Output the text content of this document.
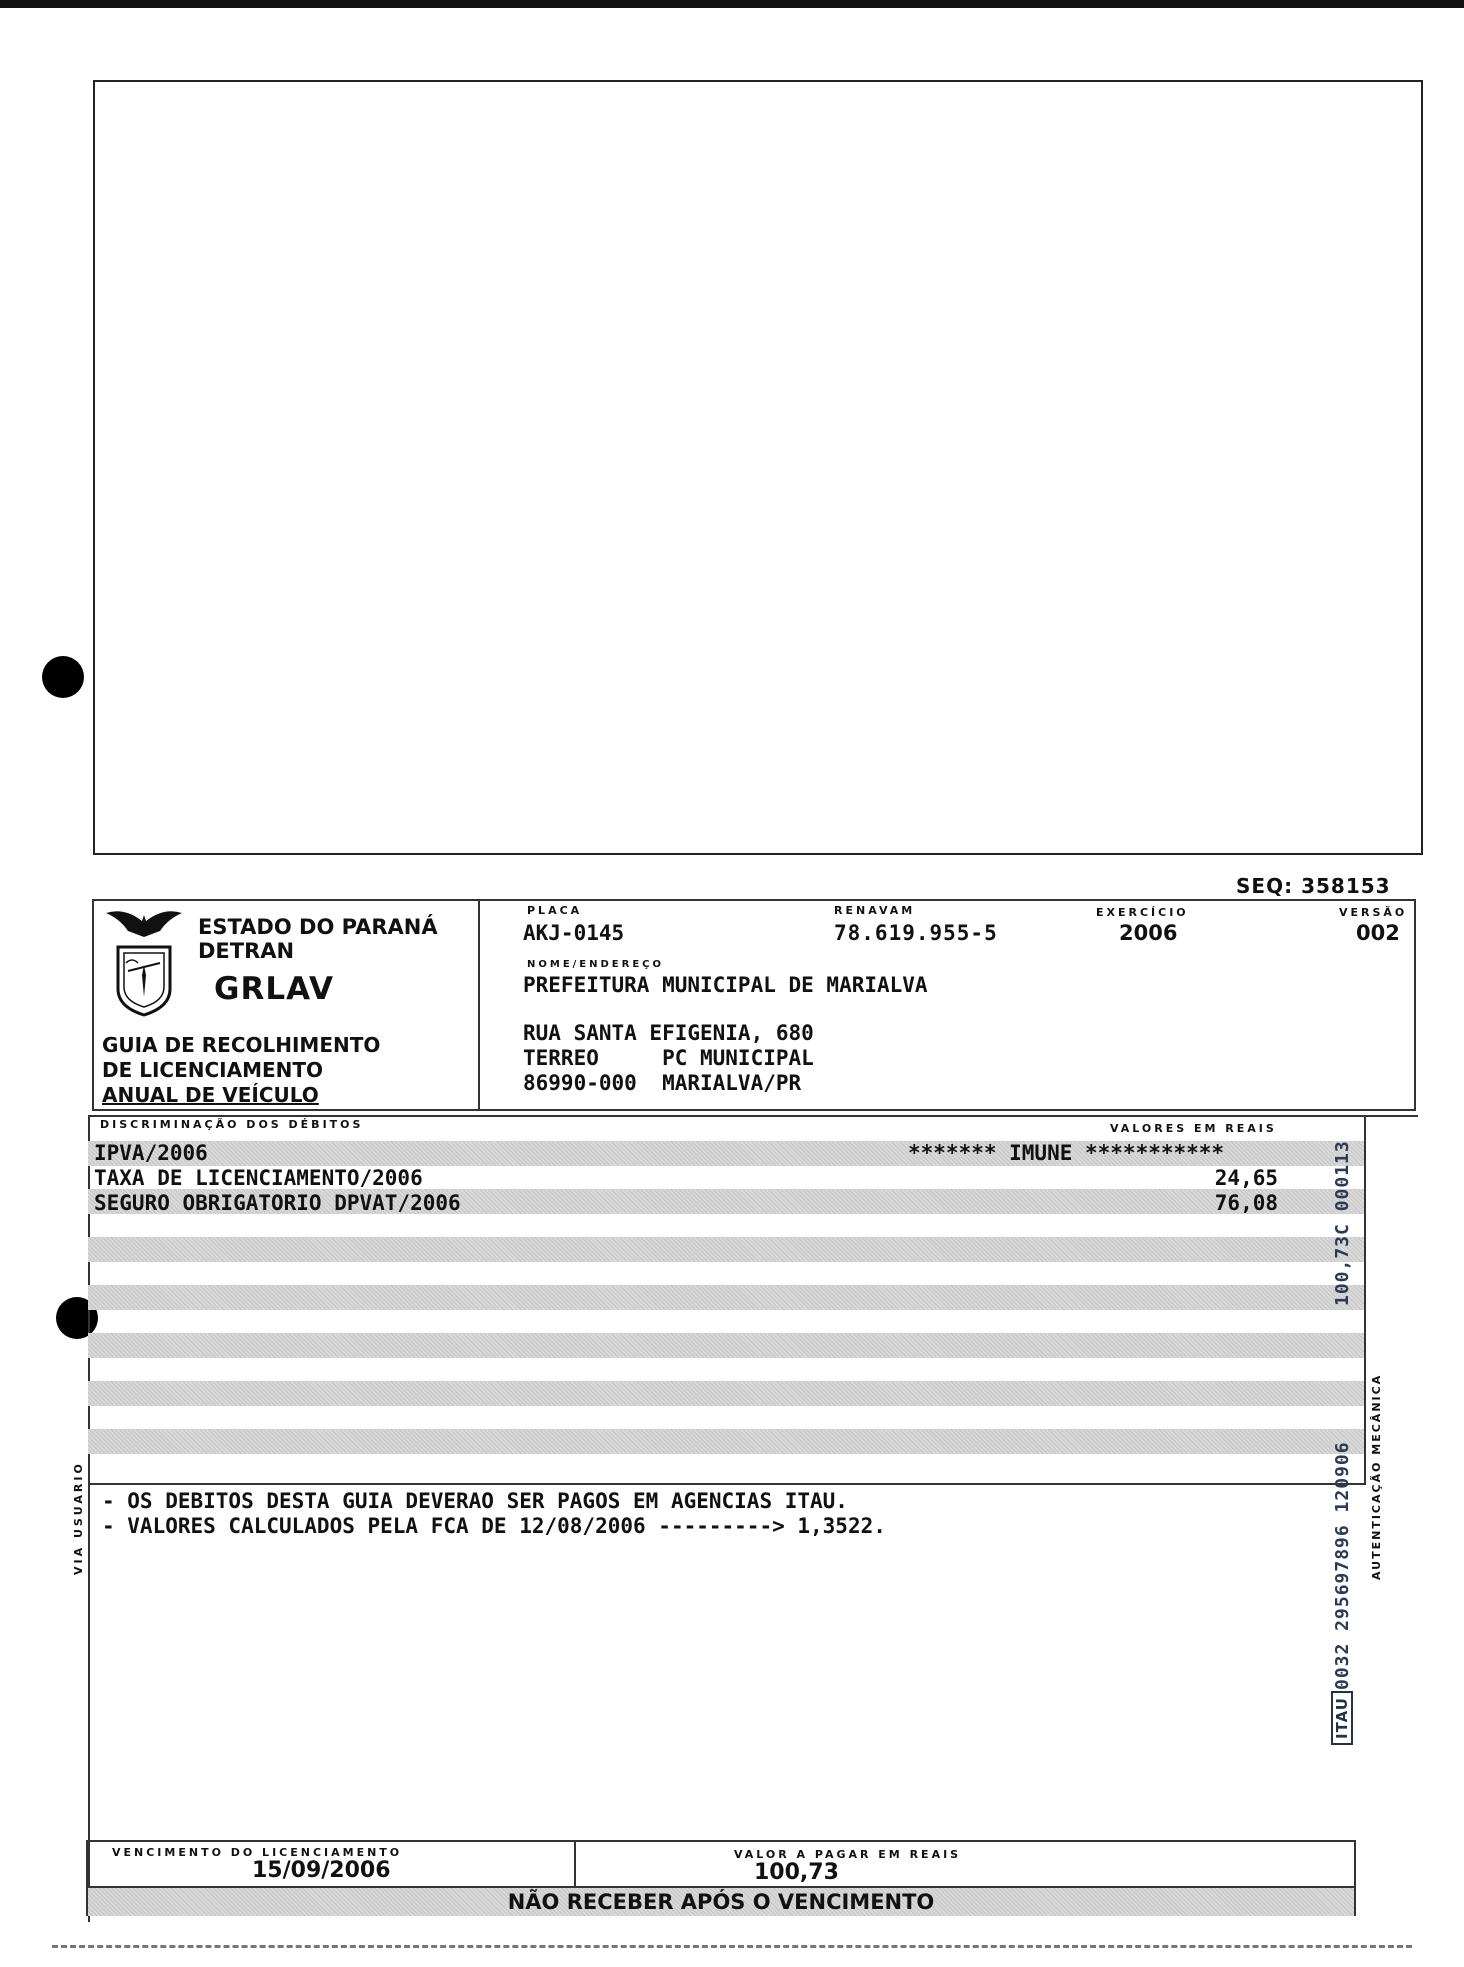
SEQ: 358153
ESTADO DO PARANÁ
DETRAN
GRLAV
GUIA DE RECOLHIMENTO
DE LICENCIAMENTO
ANUAL DE VEÍCULO
PLACA
AKJ-0145
RENAVAM
78.619.955-5
EXERCÍCIO
2006
VERSÃO
002
NOME/ENDEREÇO
PREFEITURA MUNICIPAL DE MARIALVA
RUA SANTA EFIGENIA, 680
TERREO     PC MUNICIPAL
86990-000  MARIALVA/PR
DISCRIMINAÇÃO DOS DÉBITOS	VALORES EM REAIS
IPVA/2006	******* IMUNE ***********
TAXA DE LICENCIAMENTO/2006	24,65
SEGURO OBRIGATORIO DPVAT/2006	76,08
- OS DEBITOS DESTA GUIA DEVERAO SER PAGOS EM AGENCIAS ITAU.
- VALORES CALCULADOS PELA FCA DE 12/08/2006 ---------> 1,3522.
VIA USUARIO	AUTENTICAÇÃO MECÂNICA
100,73C 000113
0032 295697896 120906
ITAU
VENCIMENTO DO LICENCIAMENTO
15/09/2006
VALOR A PAGAR EM REAIS
100,73
NÃO RECEBER APÓS O VENCIMENTO
